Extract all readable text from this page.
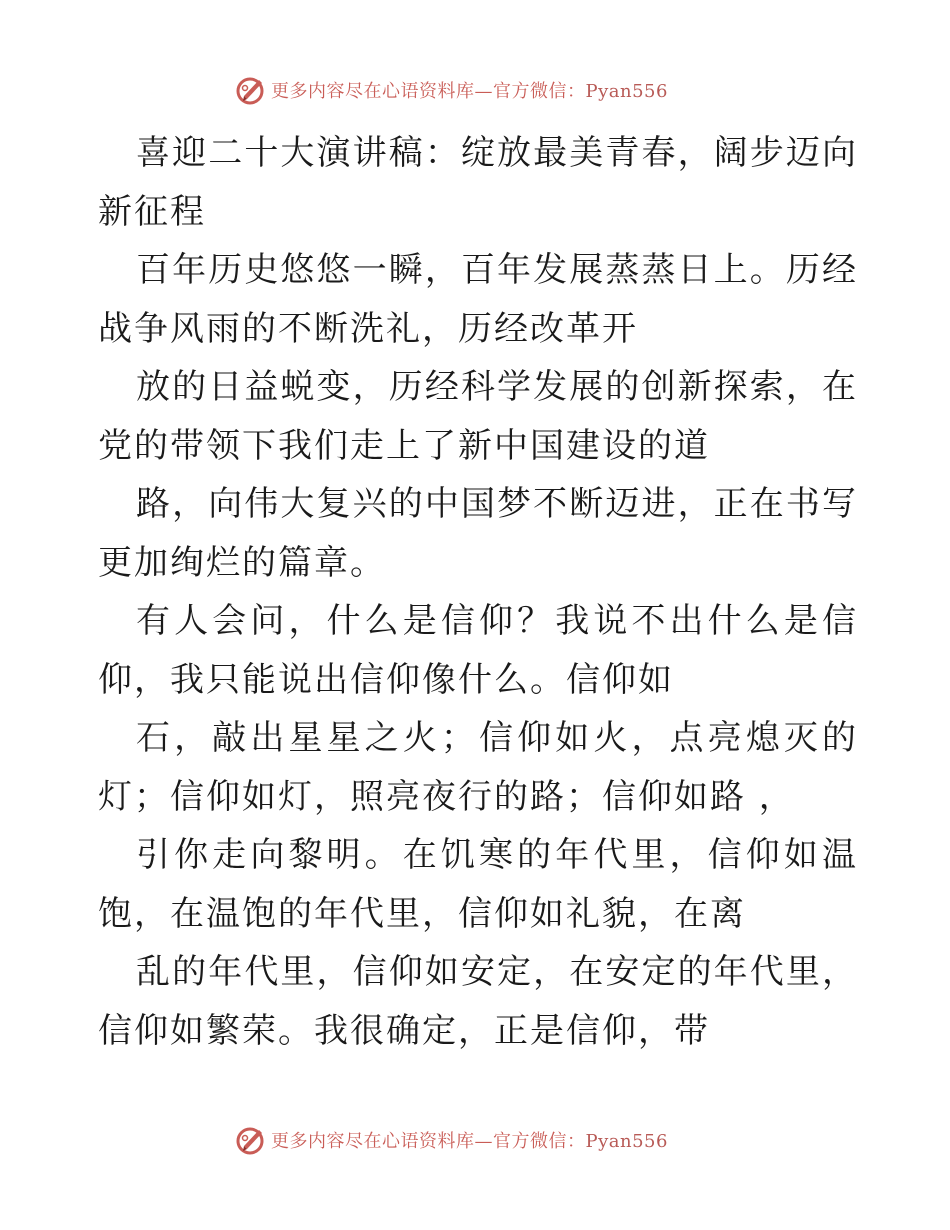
更多内容尽在心语资料库—官方微信：Pyan556

喜迎二十大演讲稿：绽放最美青春，阔步迈向新征程

百年历史悠悠一瞬，百年发展蒸蒸日上。历经战争风雨的不断洗礼，历经改革开

放的日益蜕变，历经科学发展的创新探索，在党的带领下我们走上了新中国建设的道

路，向伟大复兴的中国梦不断迈进，正在书写更加绚烂的篇章。

有人会问，什么是信仰？我说不出什么是信仰，我只能说出信仰像什么。信仰如

石，敲出星星之火；信仰如火，点亮熄灭的灯；信仰如灯，照亮夜行的路；信仰如路 ，

引你走向黎明。在饥寒的年代里，信仰如温饱，在温饱的年代里，信仰如礼貌，在离

乱的年代里，信仰如安定，在安定的年代里，信仰如繁荣。我很确定，正是信仰，带

更多内容尽在心语资料库—官方微信：Pyan556
